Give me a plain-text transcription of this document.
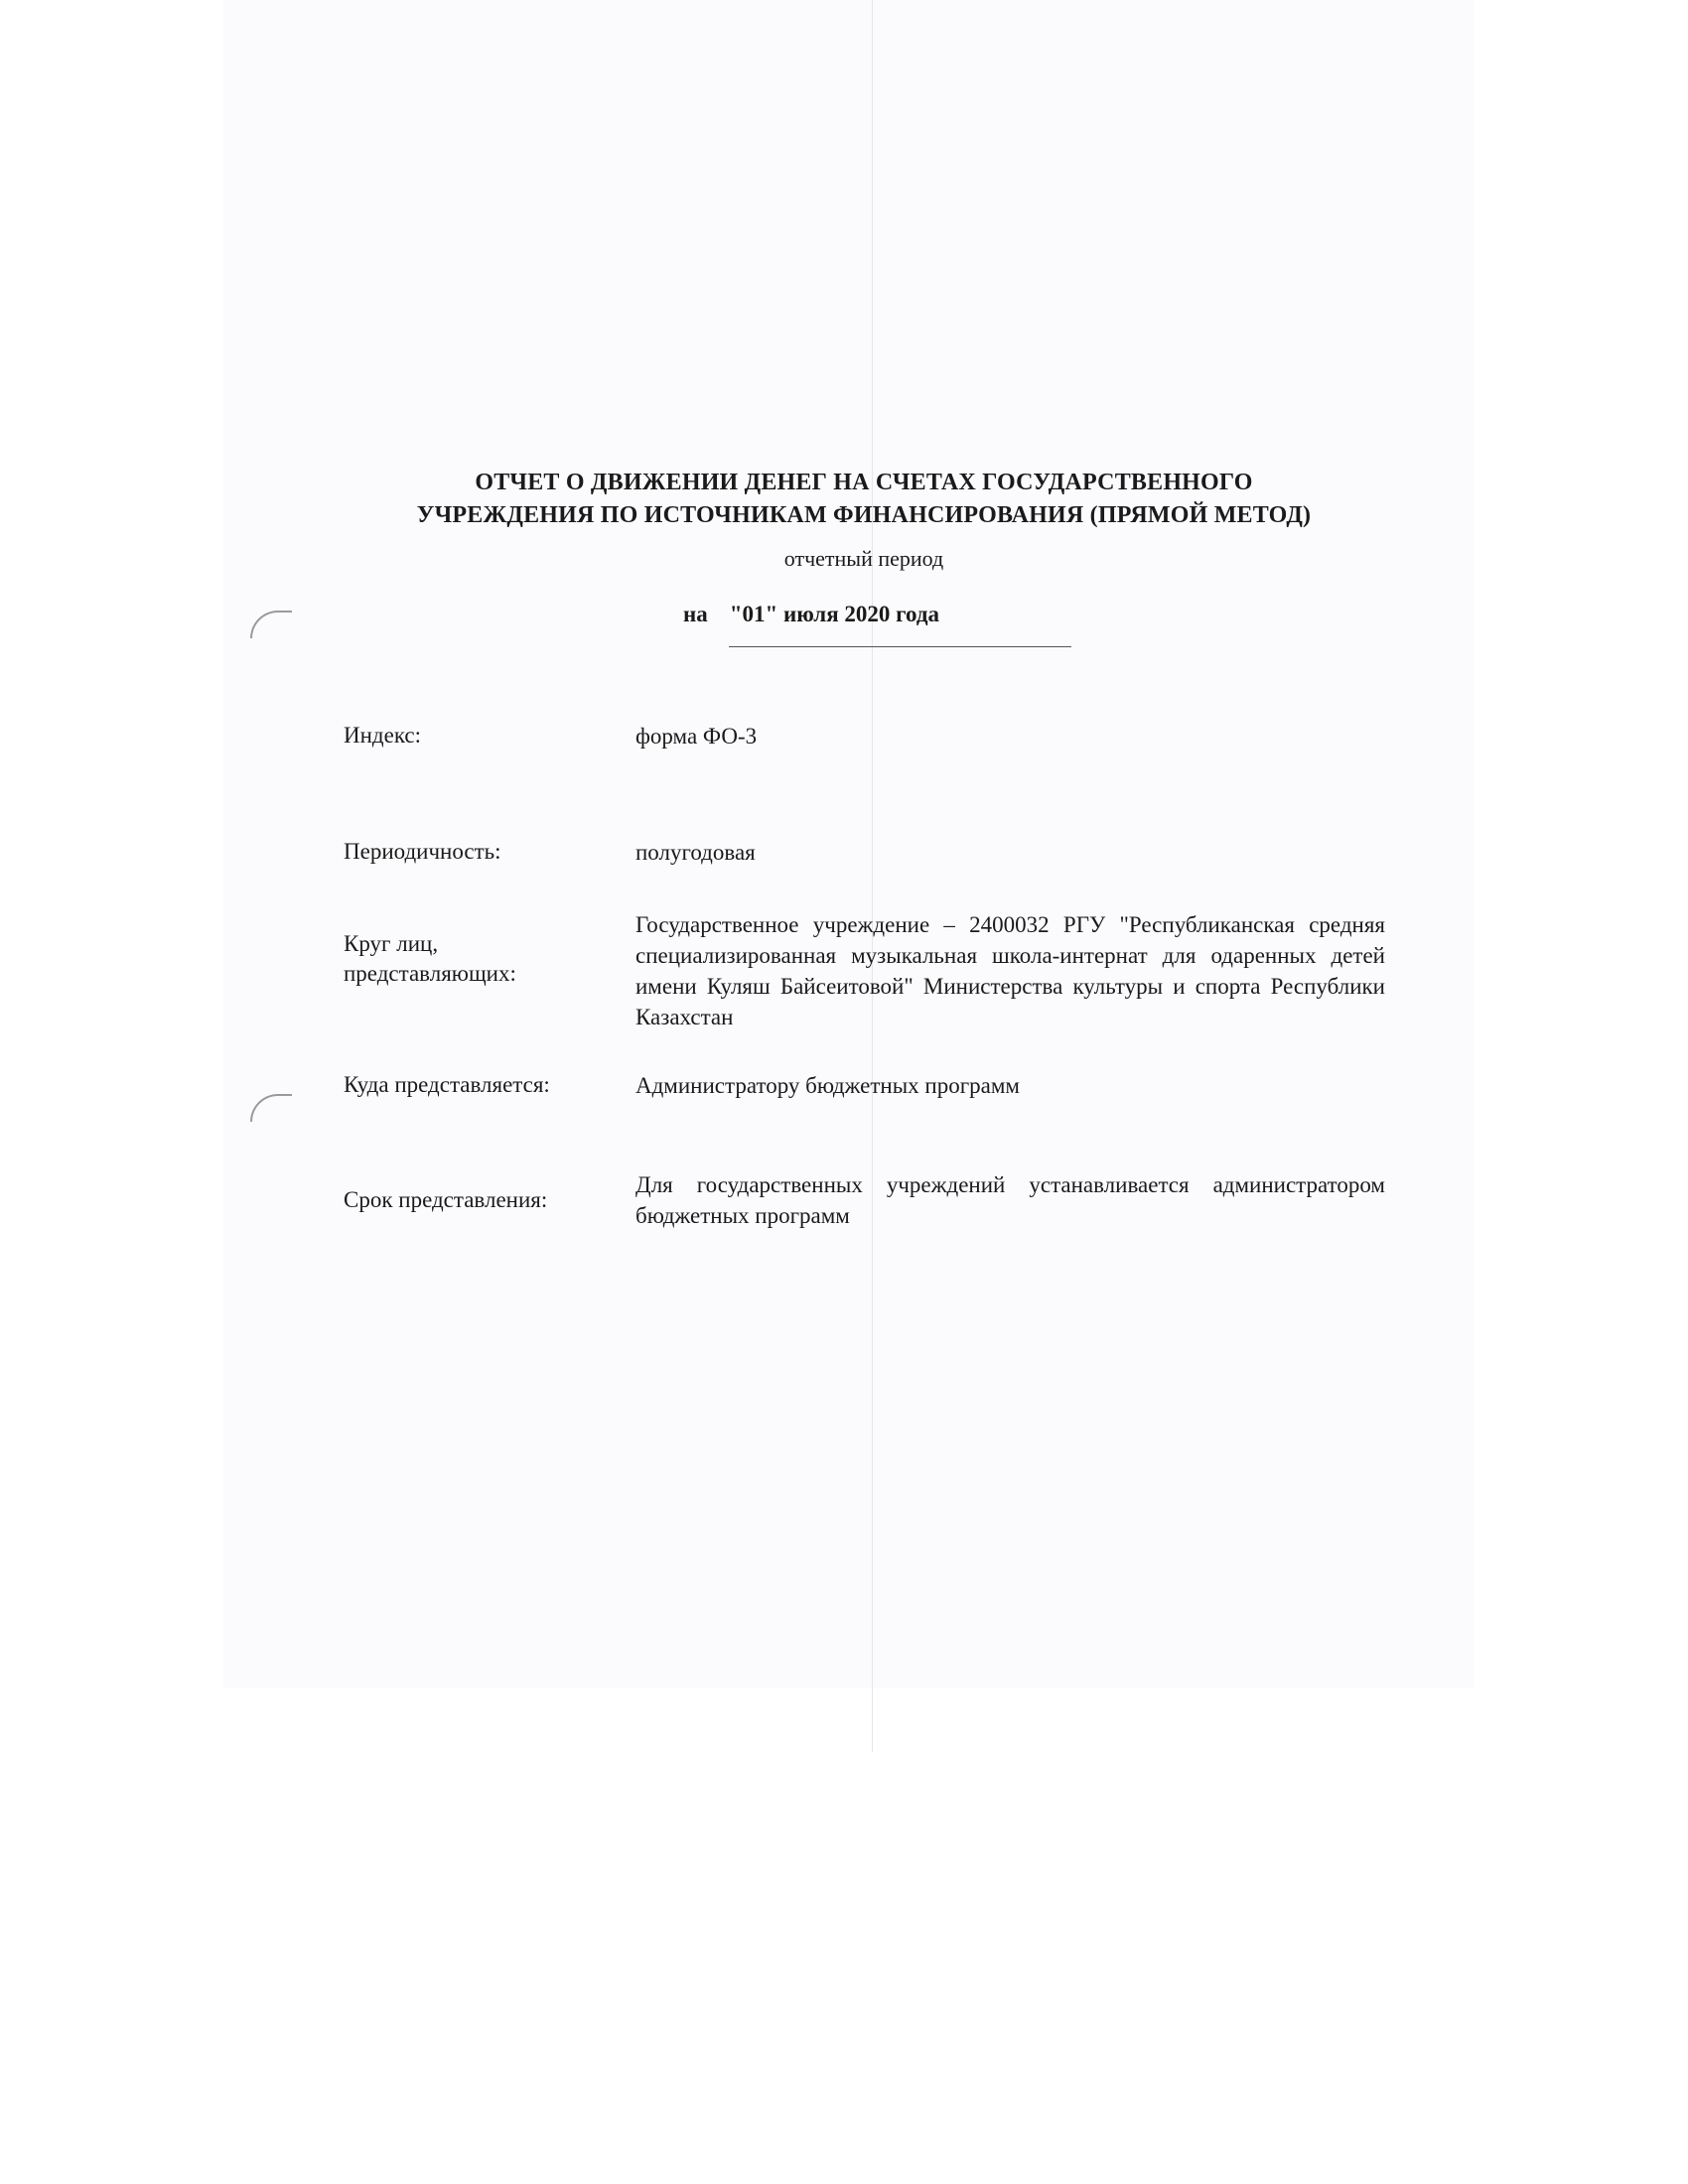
ОТЧЕТ О ДВИЖЕНИИ ДЕНЕГ НА СЧЕТАХ ГОСУДАРСТВЕННОГО
УЧРЕЖДЕНИЯ ПО ИСТОЧНИКАМ ФИНАНСИРОВАНИЯ (ПРЯМОЙ МЕТОД)
отчетный период
на "01" июля 2020 года
Индекс:	форма ФО-3
Периодичность:	полугодовая
Круг лиц, представляющих:
Государственное учреждение – 2400032 РГУ "Республиканская средняя специализированная музыкальная школа-интернат для одаренных детей имени Куляш Байсеитовой" Министерства культуры и спорта Республики Казахстан
Куда представляется:	Администратору бюджетных программ
Срок представления:
Для государственных учреждений устанавливается администратором бюджетных программ
